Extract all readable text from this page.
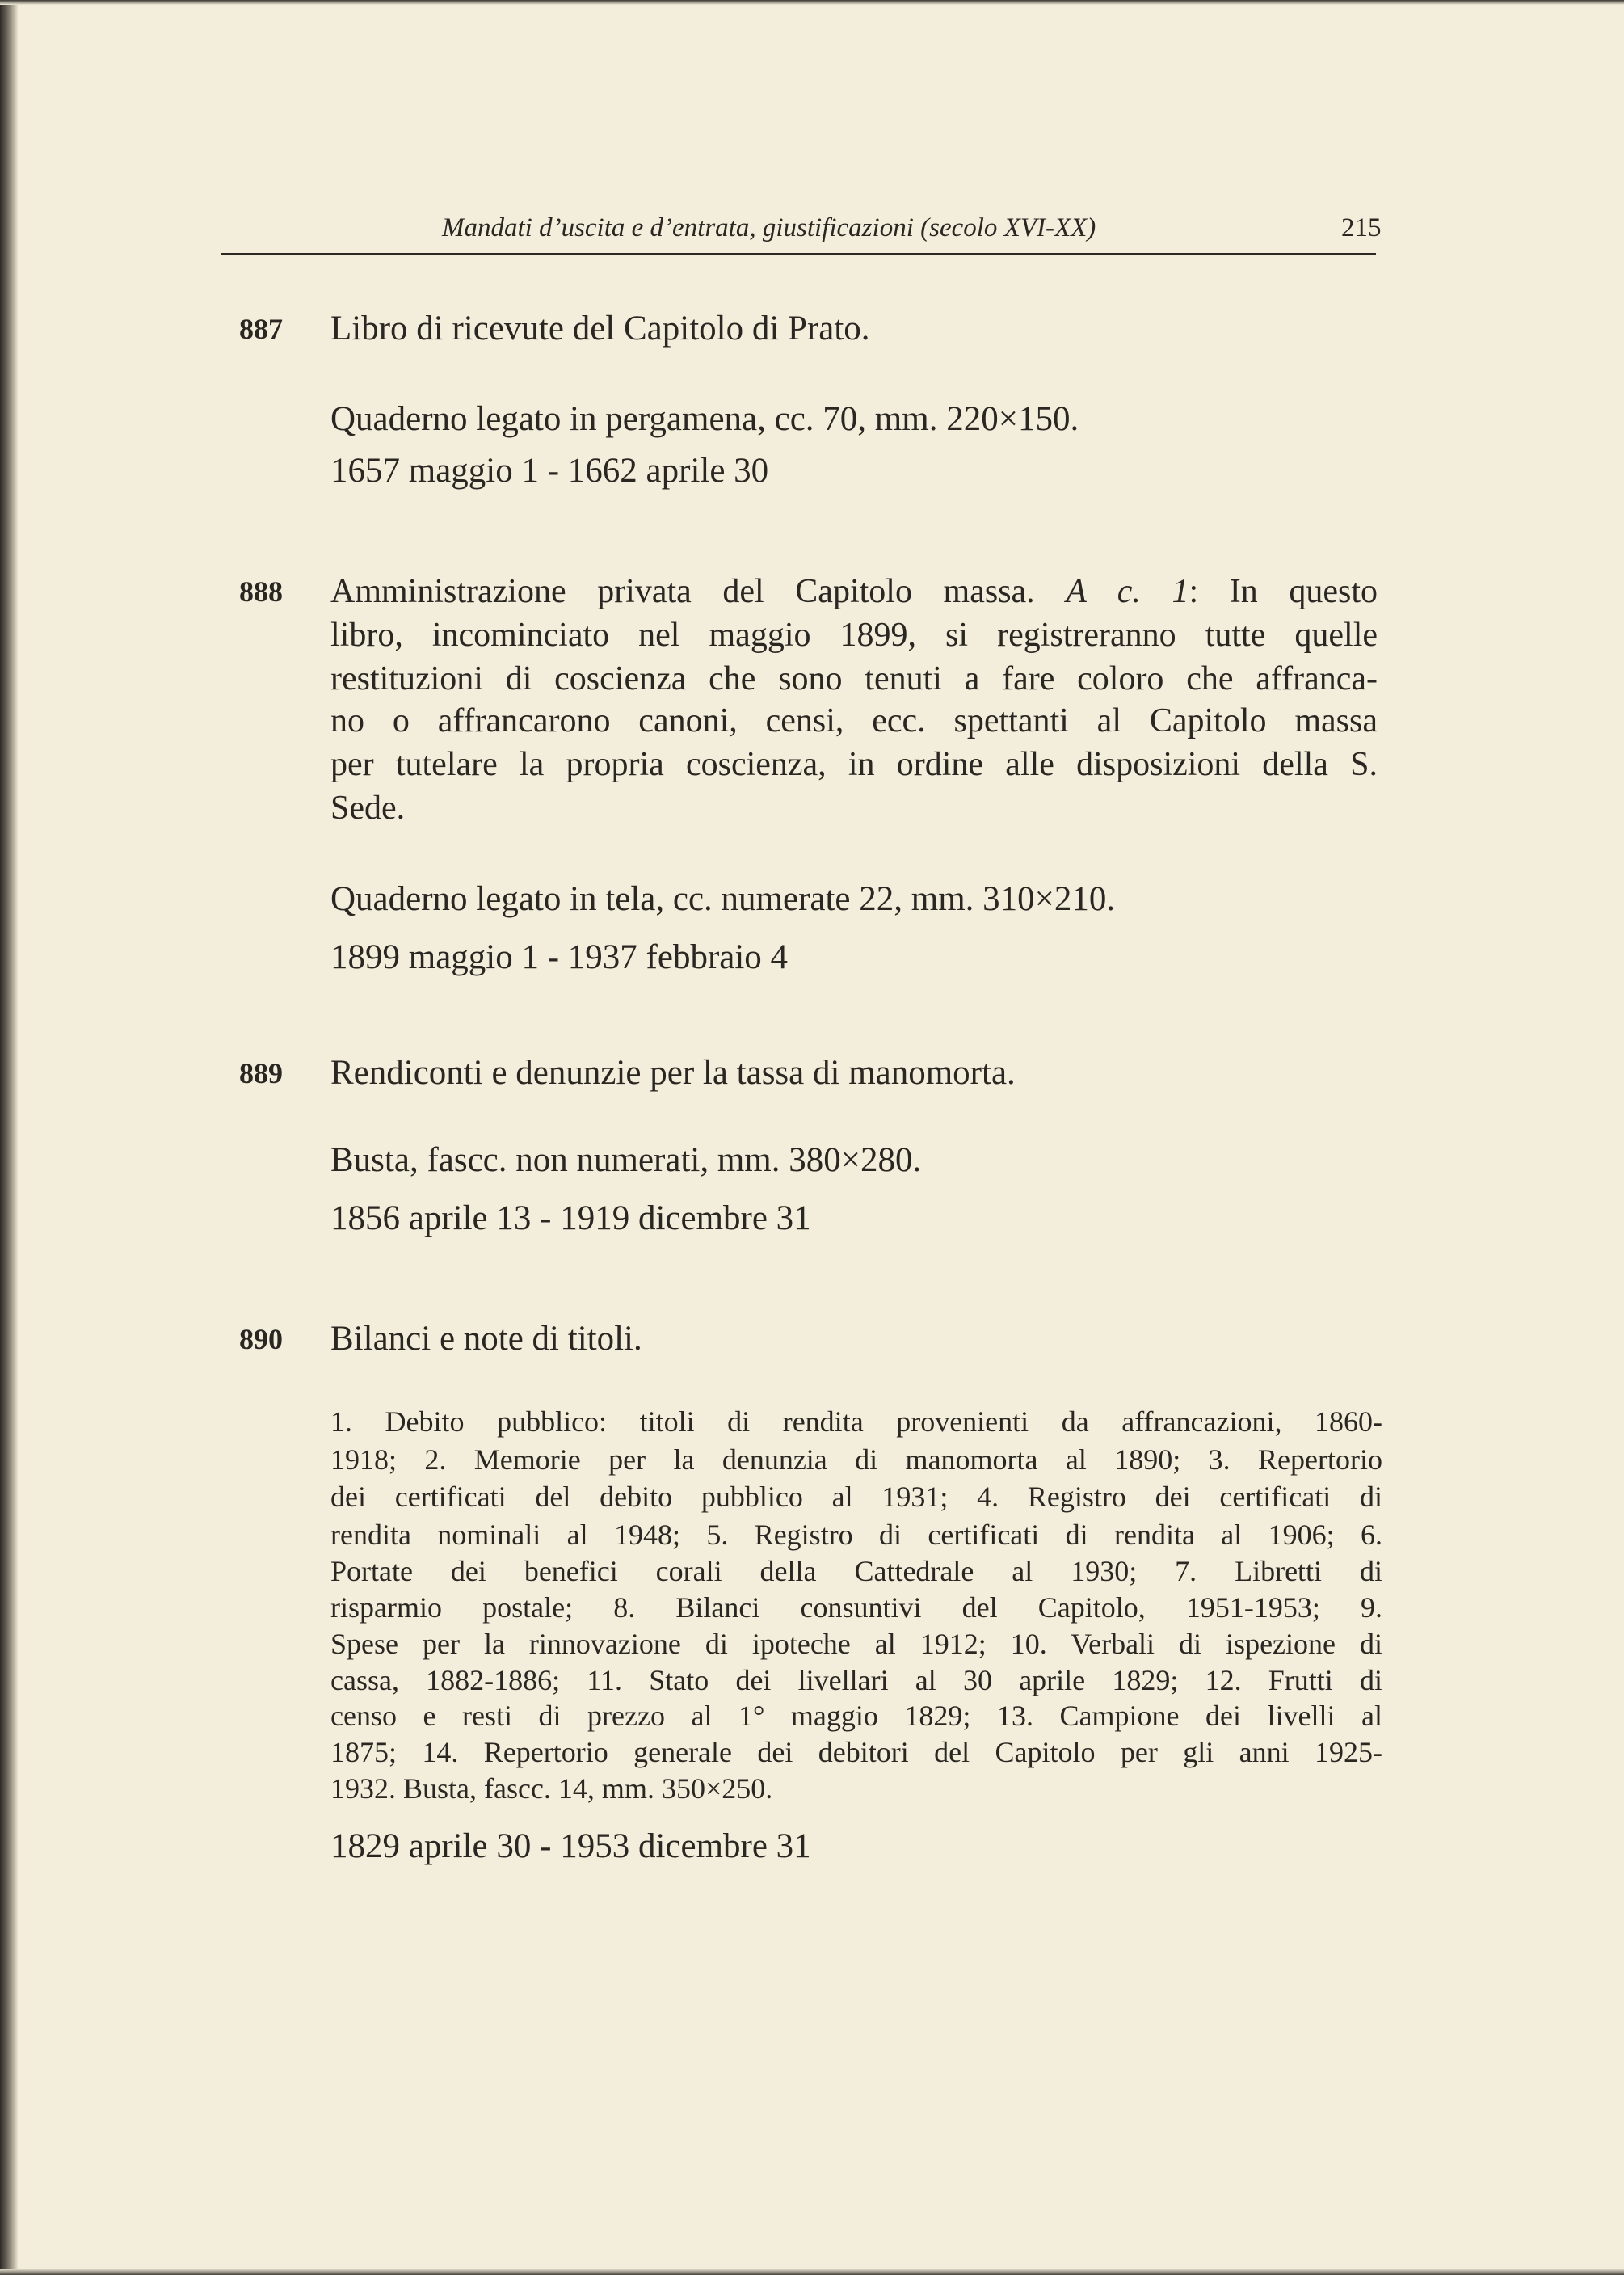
Mandati d’uscita e d’entrata, giustificazioni (secolo XVI-XX)	215
887 Libro di ricevute del Capitolo di Prato.
Quaderno legato in pergamena, cc. 70, mm. 220×150.
1657 maggio 1 - 1662 aprile 30
888 Amministrazione privata del Capitolo massa. A c. 1: In questo
libro, incominciato nel maggio 1899, si registreranno tutte quelle
restituzioni di coscienza che sono tenuti a fare coloro che affranca-
no o affrancarono canoni, censi, ecc. spettanti al Capitolo massa
per tutelare la propria coscienza, in ordine alle disposizioni della S.
Sede.
Quaderno legato in tela, cc. numerate 22, mm. 310×210.
1899 maggio 1 - 1937 febbraio 4
889 Rendiconti e denunzie per la tassa di manomorta.
Busta, fascc. non numerati, mm. 380×280.
1856 aprile 13 - 1919 dicembre 31
890 Bilanci e note di titoli.
1. Debito pubblico: titoli di rendita provenienti da affrancazioni, 1860-
1918; 2. Memorie per la denunzia di manomorta al 1890; 3. Repertorio
dei certificati del debito pubblico al 1931; 4. Registro dei certificati di
rendita nominali al 1948; 5. Registro di certificati di rendita al 1906; 6.
Portate dei benefici corali della Cattedrale al 1930; 7. Libretti di
risparmio postale; 8. Bilanci consuntivi del Capitolo, 1951-1953; 9.
Spese per la rinnovazione di ipoteche al 1912; 10. Verbali di ispezione di
cassa, 1882-1886; 11. Stato dei livellari al 30 aprile 1829; 12. Frutti di
censo e resti di prezzo al 1° maggio 1829; 13. Campione dei livelli al
1875; 14. Repertorio generale dei debitori del Capitolo per gli anni 1925-
1932. Busta, fascc. 14, mm. 350×250.
1829 aprile 30 - 1953 dicembre 31
